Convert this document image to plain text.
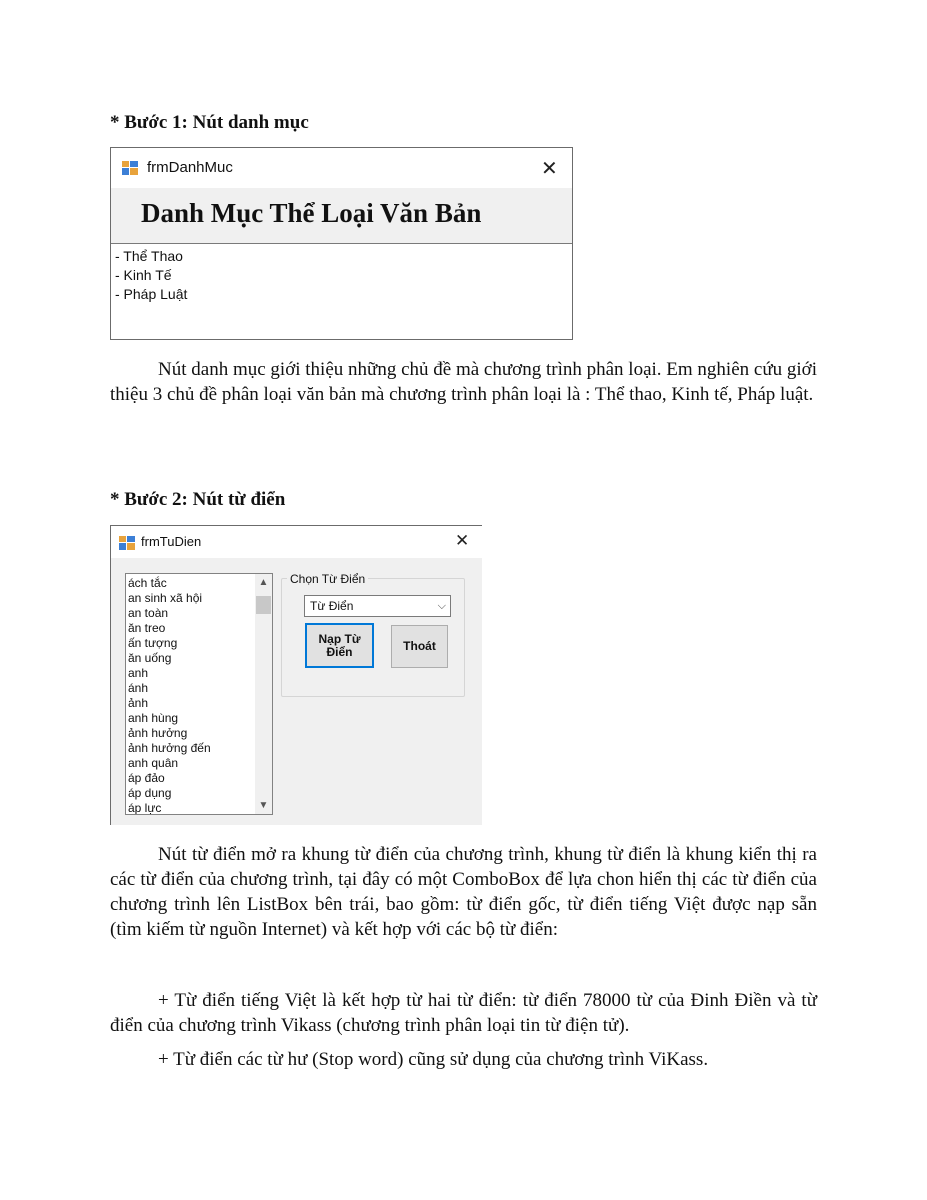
* Bước 1: Nút danh mục
frmDanhMuc	✕
Danh Mục Thể Loại Văn Bản
- Thể Thao
- Kinh Tế
- Pháp Luật

Nút danh mục giới thiệu những chủ đề mà chương trình phân loại. Em nghiên cứu giới thiệu 3 chủ đề phân loại văn bản mà chương trình phân loại là : Thể thao, Kinh tế, Pháp luật.

* Bước 2: Nút từ điển
frmTuDien	✕
ách tắc
an sinh xã hội
an toàn
ăn treo
ấn tượng
ăn uống
anh
ánh
ảnh
anh hùng
ảnh hưởng
ảnh hưởng đến
anh quân
áp đảo
áp dụng
áp lực
▲
▼
Chọn Từ Điển
Từ Điển	⌵
Nạp Từ Điển	Thoát

Nút từ điển mở ra khung từ điển của chương trình, khung từ điển là khung kiển thị ra các từ điển của chương trình, tại đây có một ComboBox để lựa chon hiển thị các từ điển của chương trình lên ListBox bên trái, bao gồm: từ điển gốc, từ điển tiếng Việt được nạp sẵn (tìm kiếm từ nguồn Internet) và kết hợp với các bộ từ điển:

+ Từ điển tiếng Việt là kết hợp từ hai từ điển: từ điển 78000 từ của Đinh Điền và từ điển của chương trình Vikass (chương trình phân loại tin từ điện tử).

+ Từ điển các từ hư (Stop word) cũng sử dụng của chương trình ViKass.
